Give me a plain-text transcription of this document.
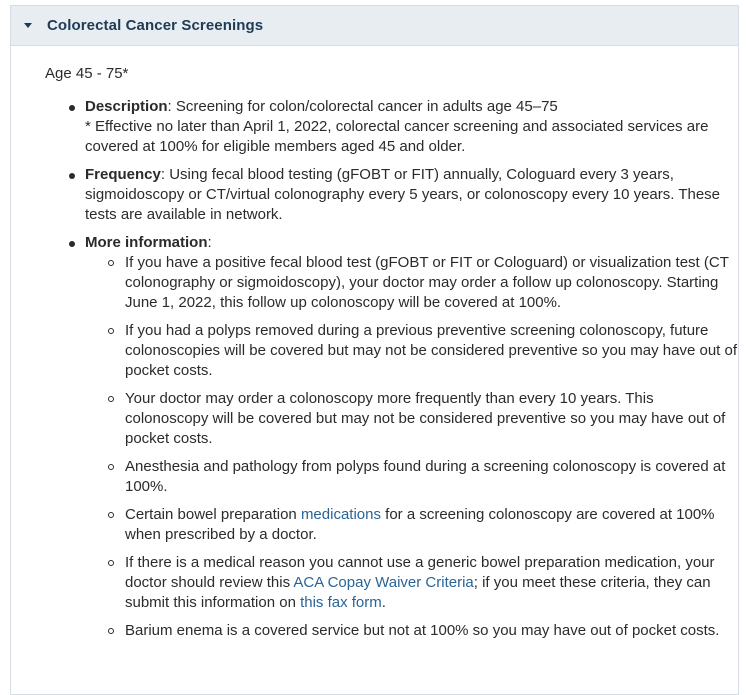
Colorectal Cancer Screenings
Age 45 - 75*
Description: Screening for colon/colorectal cancer in adults age 45–75
* Effective no later than April 1, 2022, colorectal cancer screening and associated services are covered at 100% for eligible members aged 45 and older.
Frequency: Using fecal blood testing (gFOBT or FIT) annually, Cologuard every 3 years, sigmoidoscopy or CT/virtual colonography every 5 years, or colonoscopy every 10 years. These tests are available in network.
More information:
If you have a positive fecal blood test (gFOBT or FIT or Cologuard) or visualization test (CT colonography or sigmoidoscopy), your doctor may order a follow up colonoscopy. Starting June 1, 2022, this follow up colonoscopy will be covered at 100%.
If you had a polyps removed during a previous preventive screening colonoscopy, future colonoscopies will be covered but may not be considered preventive so you may have out of pocket costs.
Your doctor may order a colonoscopy more frequently than every 10 years. This colonoscopy will be covered but may not be considered preventive so you may have out of pocket costs.
Anesthesia and pathology from polyps found during a screening colonoscopy is covered at 100%.
Certain bowel preparation medications for a screening colonoscopy are covered at 100% when prescribed by a doctor.
If there is a medical reason you cannot use a generic bowel preparation medication, your doctor should review this ACA Copay Waiver Criteria; if you meet these criteria, they can submit this information on this fax form.
Barium enema is a covered service but not at 100% so you may have out of pocket costs.
